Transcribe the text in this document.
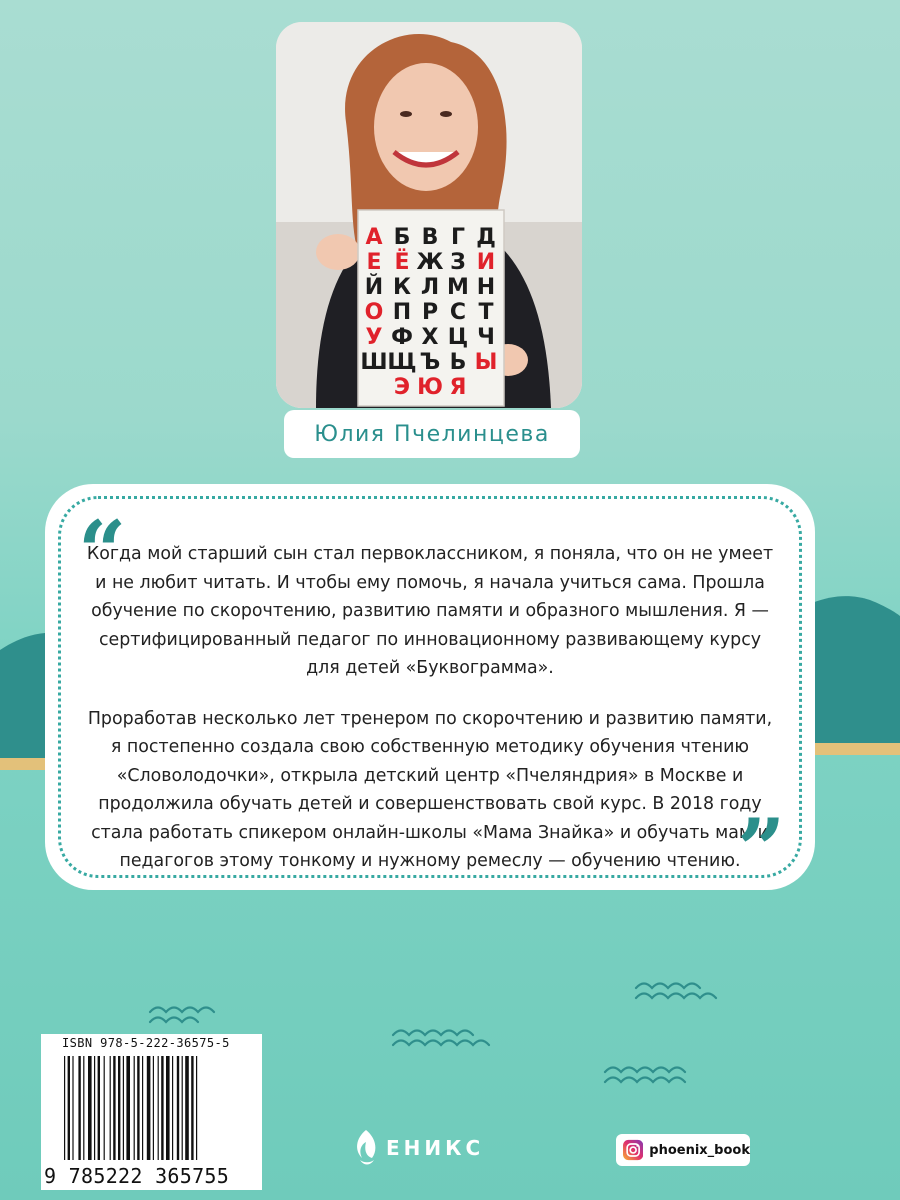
А Б В Г Д
Е Ё Ж З И
Й К Л М Н
О П Р С Т
У Ф Х Ц Ч
Ш Щ Ъ Ь Ы
Э Ю Я
Юлия Пчелинцева
“

Когда мой старший сын стал первоклассником, я поняла, что он не умеет и не любит читать. И чтобы ему помочь, я начала учиться сама. Прошла обучение по скорочтению, развитию памяти и образного мышления. Я — сертифицированный педагог по инновационному развивающему курсу для детей «Буквограмма».

Проработав несколько лет тренером по скорочтению и развитию памяти, я постепенно создала свою собственную методику обучения чтению «Словолодочки», открыла детский центр «Пчеляндрия» в Москве и продолжила обучать детей и совершенствовать свой курс. В 2018 году стала работать спикером онлайн-школы «Мама Знайка» и обучать мам и педагогов этому тонкому и нужному ремеслу — обучению чтению.

”
ISBN 978-5-222-36575-5
9 785222 365755
ЕНИКС	phoenix_book
